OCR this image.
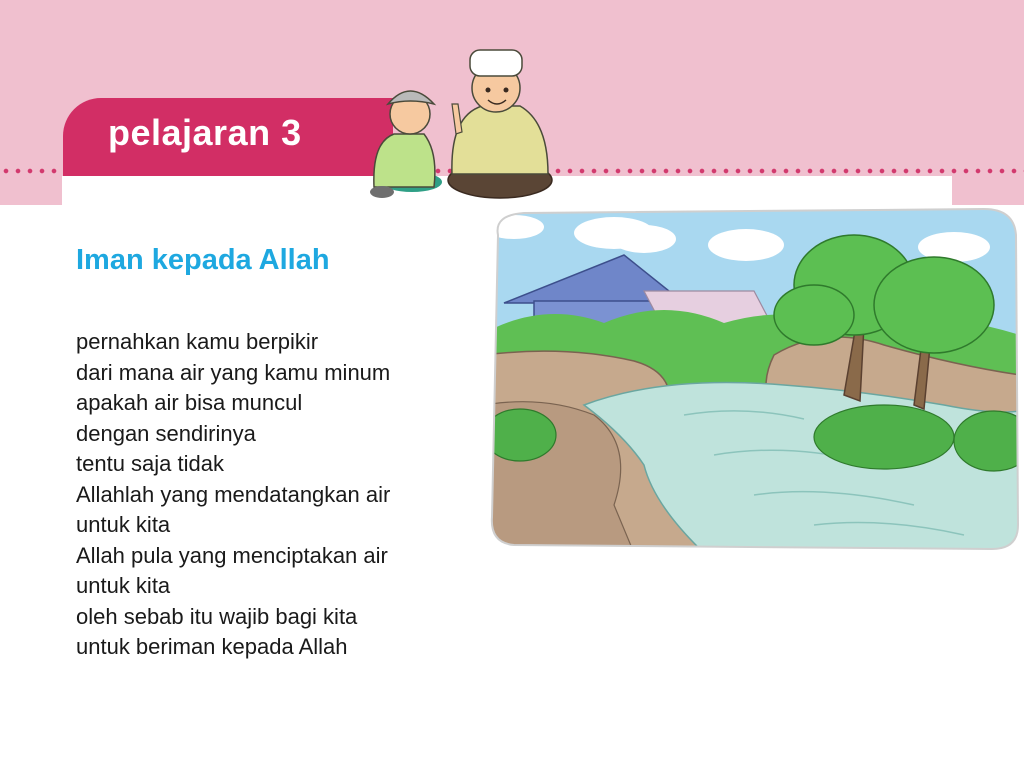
pelajaran 3
Iman kepada Allah
pernahkan kamu berpikir
dari mana air yang kamu minum
apakah air bisa muncul
dengan sendirinya
tentu saja tidak
Allahlah yang mendatangkan air
untuk kita
Allah pula yang menciptakan air
untuk kita
oleh sebab itu wajib bagi kita
untuk beriman kepada Allah
